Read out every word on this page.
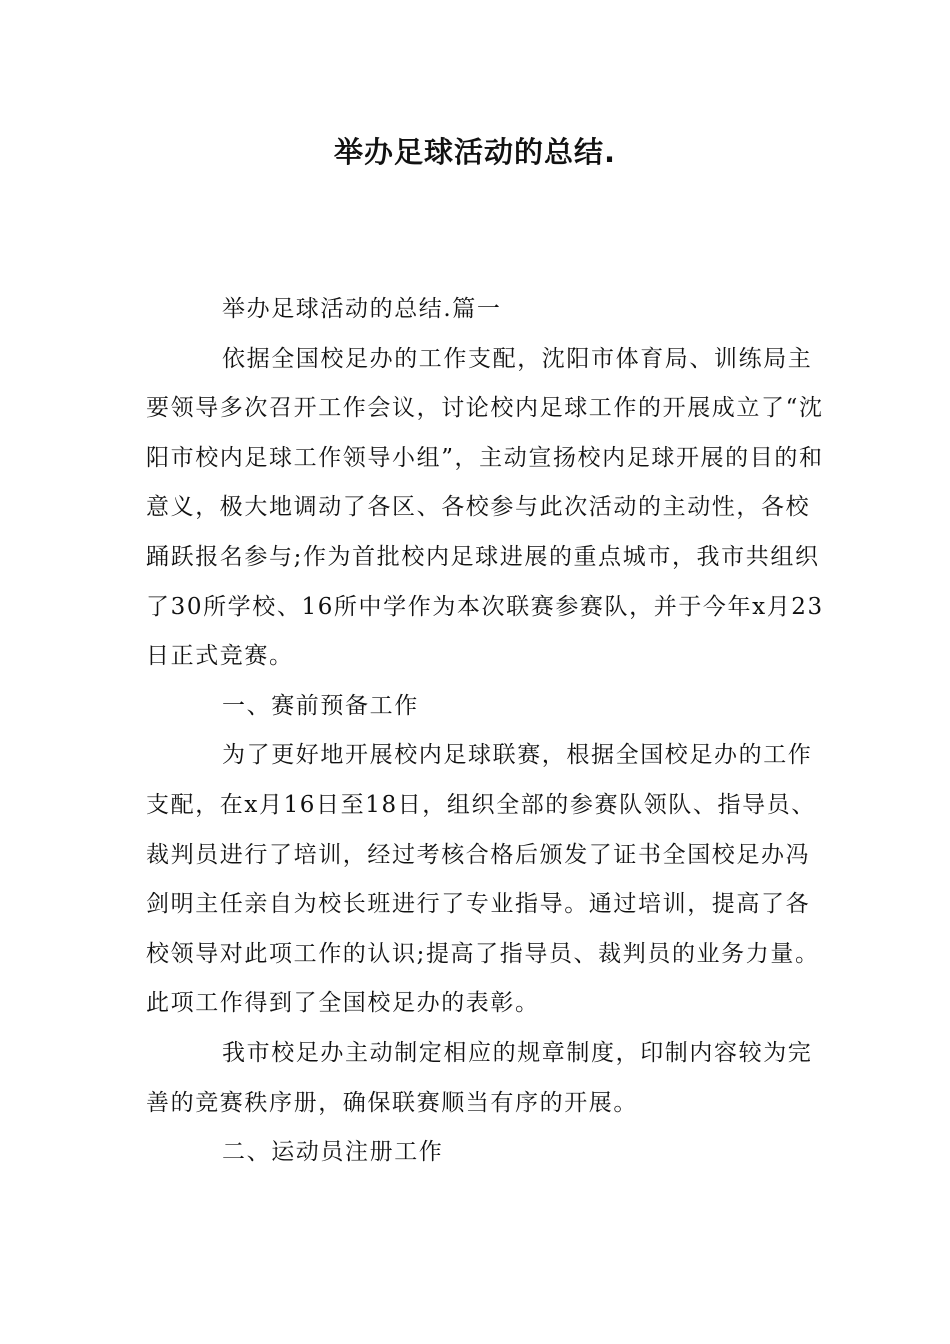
举办足球活动的总结.

举办足球活动的总结.篇一

依据全国校足办的工作支配，沈阳市体育局、训练局主要领导多次召开工作会议，讨论校内足球工作的开展成立了“沈阳市校内足球工作领导小组”，主动宣扬校内足球开展的目的和意义，极大地调动了各区、各校参与此次活动的主动性，各校踊跃报名参与;作为首批校内足球进展的重点城市，我市共组织了30所学校、16所中学作为本次联赛参赛队，并于今年x月23日正式竞赛。

一、赛前预备工作

为了更好地开展校内足球联赛，根据全国校足办的工作支配，在x月16日至18日，组织全部的参赛队领队、指导员、裁判员进行了培训，经过考核合格后颁发了证书全国校足办冯剑明主任亲自为校长班进行了专业指导。通过培训，提高了各校领导对此项工作的认识;提高了指导员、裁判员的业务力量。此项工作得到了全国校足办的表彰。

我市校足办主动制定相应的规章制度，印制内容较为完善的竞赛秩序册，确保联赛顺当有序的开展。

二、运动员注册工作
